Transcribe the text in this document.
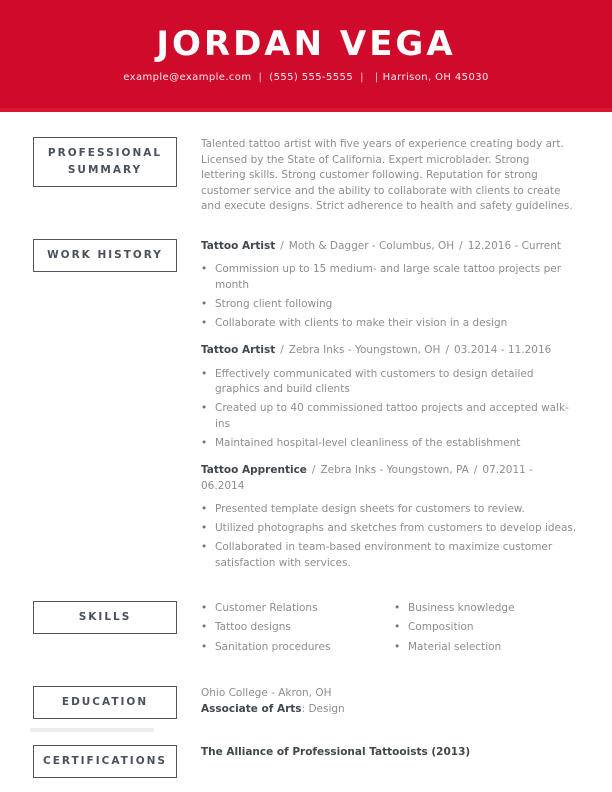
JORDAN VEGA
example@example.com | (555) 555-5555 | | Harrison, OH 45030
PROFESSIONAL
SUMMARY

Talented tattoo artist with five years of experience creating body art. Licensed by the State of California. Expert microblader. Strong lettering skills. Strong customer following. Reputation for strong customer service and the ability to collaborate with clients to create and execute designs. Strict adherence to health and safety guidelines.

WORK HISTORY

Tattoo Artist / Moth & Dagger - Columbus, OH / 12.2016 - Current

• Commission up to 15 medium- and large scale tattoo projects per month
• Strong client following
• Collaborate with clients to make their vision in a design

Tattoo Artist / Zebra Inks - Youngstown, OH / 03.2014 - 11.2016

• Effectively communicated with customers to design detailed graphics and build clients
• Created up to 40 commissioned tattoo projects and accepted walk-ins
• Maintained hospital-level cleanliness of the establishment

Tattoo Apprentice / Zebra Inks - Youngstown, PA / 07.2011 - 06.2014

• Presented template design sheets for customers to review.
• Utilized photographs and sketches from customers to develop ideas.
• Collaborated in team-based environment to maximize customer satisfaction with services.
SKILLS
• Customer Relations
• Tattoo designs
• Sanitation procedures
• Business knowledge
• Composition
• Material selection
EDUCATION

Ohio College - Akron, OH

Associate of Arts: Design

CERTIFICATIONS

The Alliance of Professional Tattooists (2013)
